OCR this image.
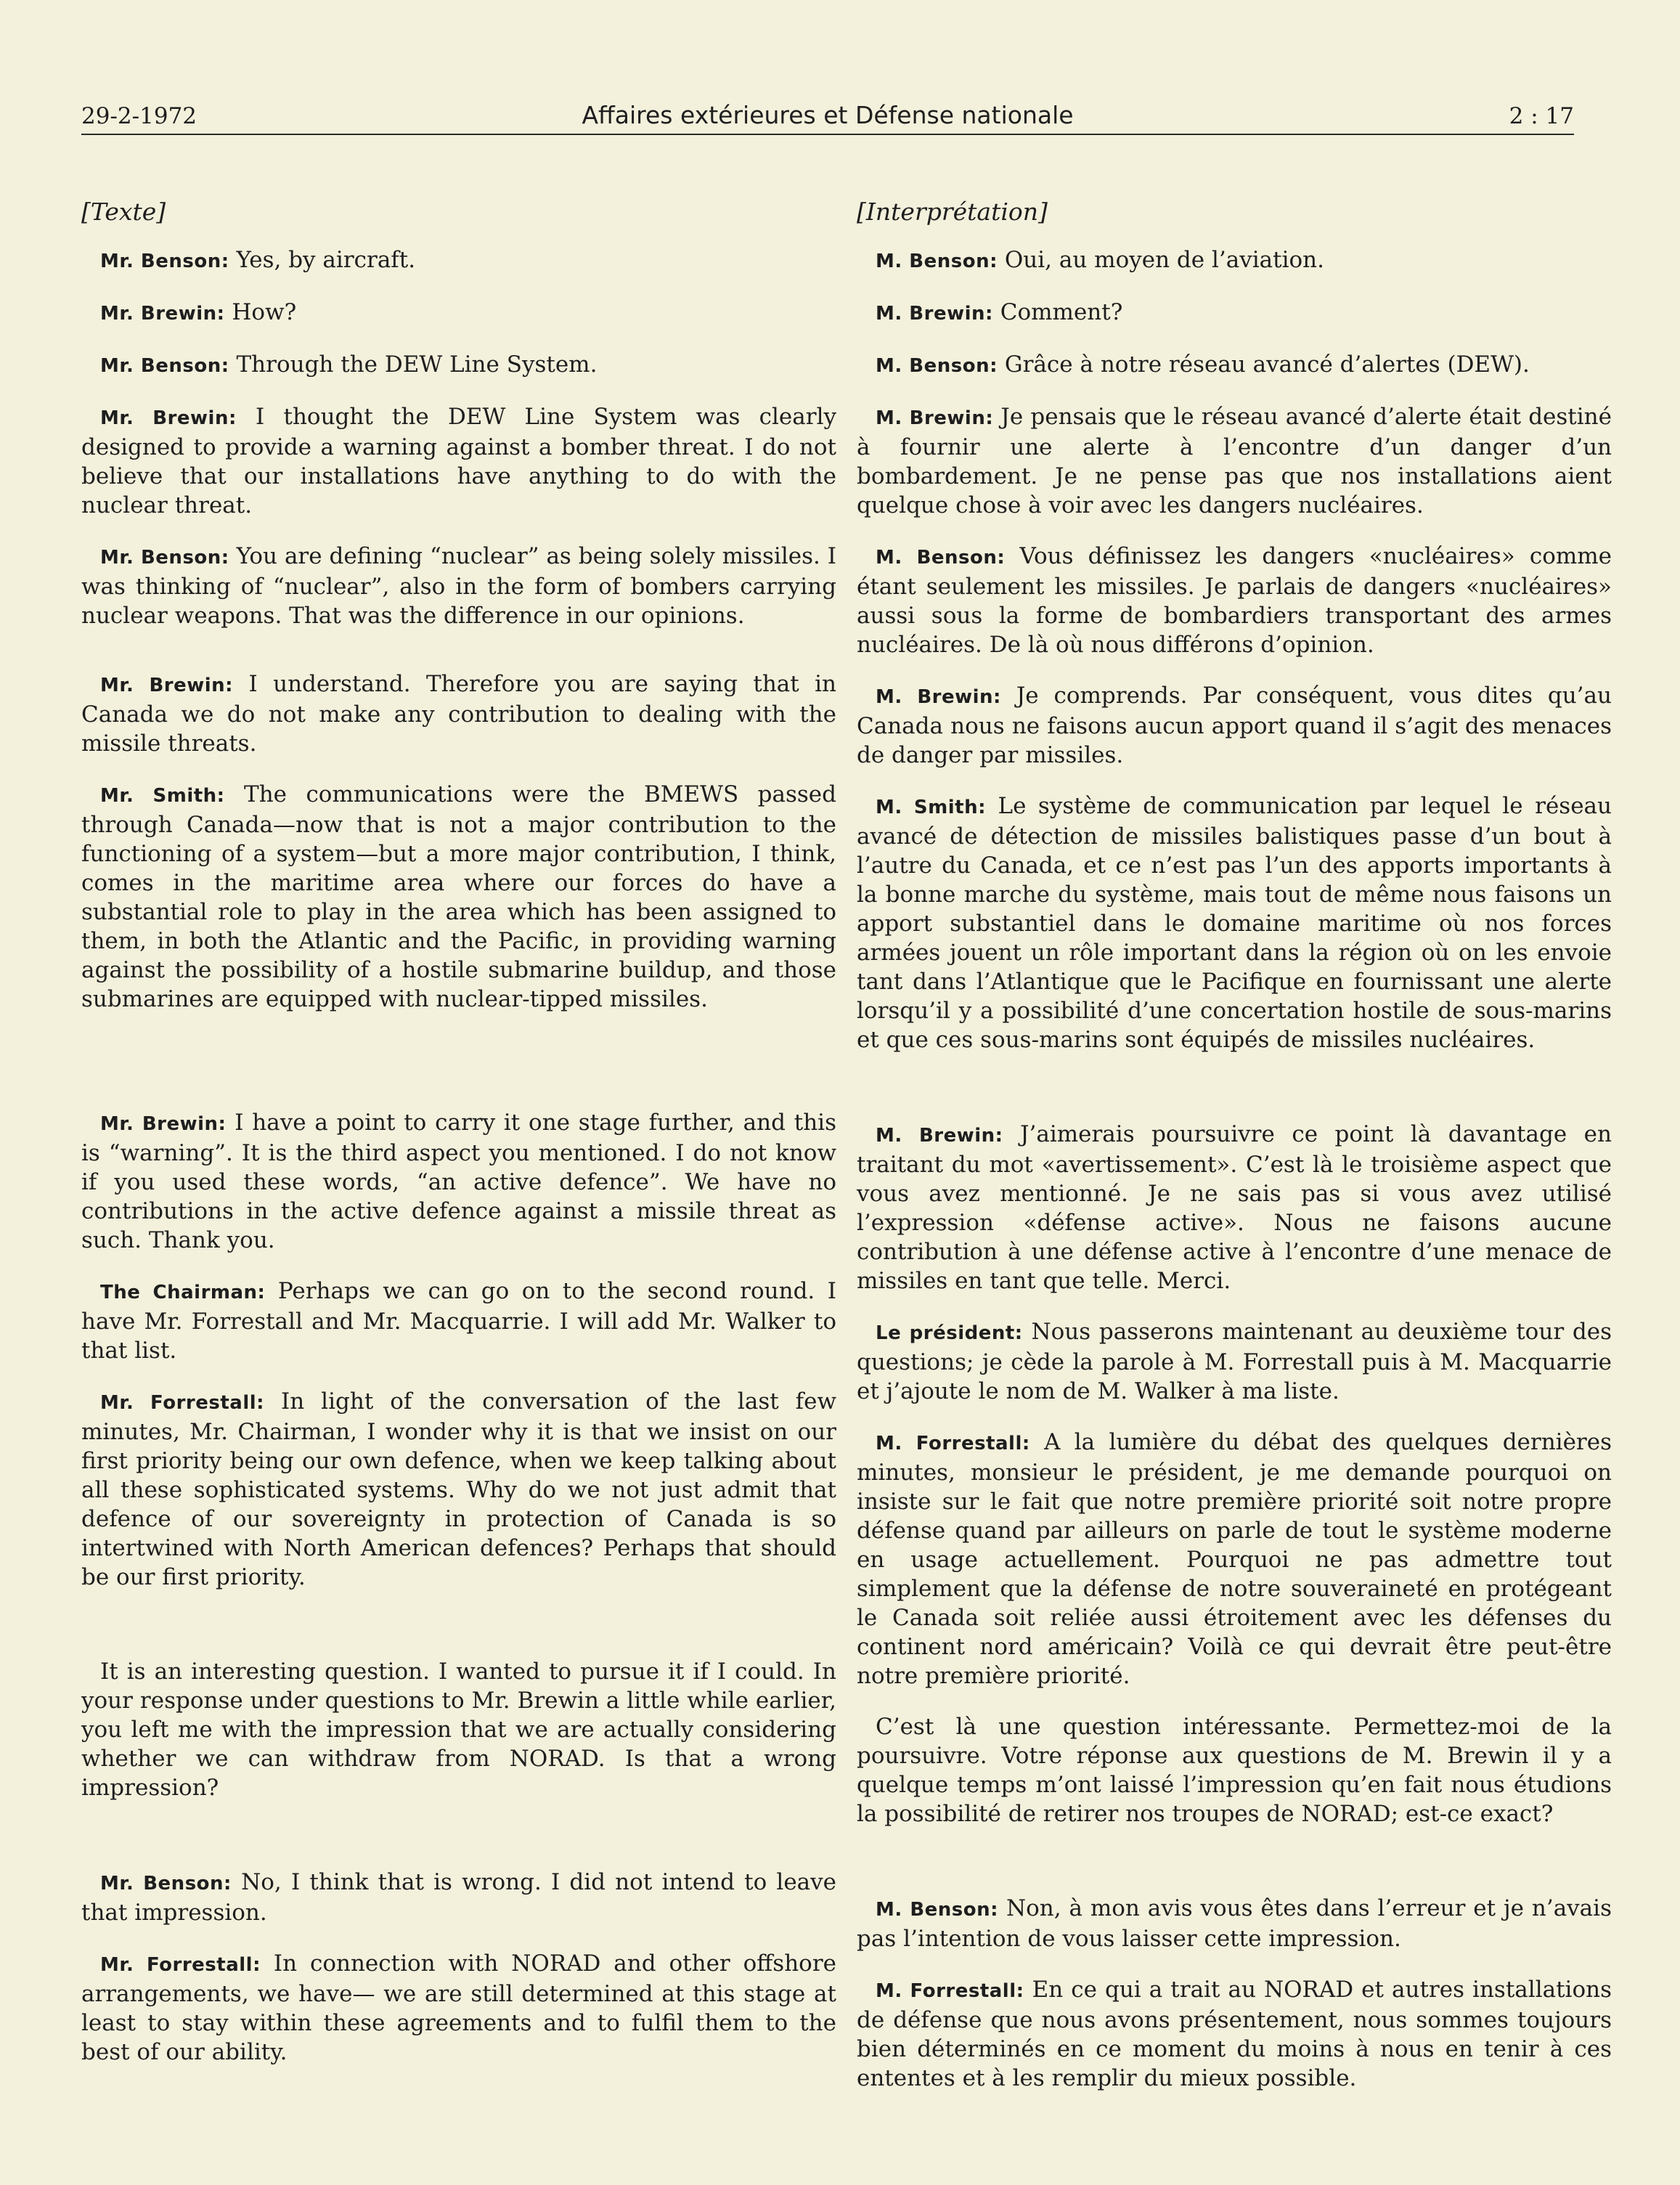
29-2-1972	Affaires extérieures et Défense nationale	2 : 17
[Texte]

Mr. Benson: Yes, by aircraft.

Mr. Brewin: How?

Mr. Benson: Through the DEW Line System.

Mr. Brewin: I thought the DEW Line System was clearly designed to provide a warning against a bomber threat. I do not believe that our installations have anything to do with the nuclear threat.

Mr. Benson: You are defining “nuclear” as being solely missiles. I was thinking of “nuclear”, also in the form of bombers carrying nuclear weapons. That was the difference in our opinions.

Mr. Brewin: I understand. Therefore you are saying that in Canada we do not make any contribution to dealing with the missile threats.

Mr. Smith: The communications were the BMEWS passed through Canada—now that is not a major contribution to the functioning of a system—but a more major contribution, I think, comes in the maritime area where our forces do have a substantial role to play in the area which has been assigned to them, in both the Atlantic and the Pacific, in providing warning against the possibility of a hostile submarine buildup, and those submarines are equipped with nuclear-tipped missiles.

Mr. Brewin: I have a point to carry it one stage further, and this is “warning”. It is the third aspect you mentioned. I do not know if you used these words, “an active defence”. We have no contributions in the active defence against a missile threat as such. Thank you.

The Chairman: Perhaps we can go on to the second round. I have Mr. Forrestall and Mr. Macquarrie. I will add Mr. Walker to that list.

Mr. Forrestall: In light of the conversation of the last few minutes, Mr. Chairman, I wonder why it is that we insist on our first priority being our own defence, when we keep talking about all these sophisticated systems. Why do we not just admit that defence of our sovereignty in protection of Canada is so intertwined with North American defences? Perhaps that should be our first priority.

It is an interesting question. I wanted to pursue it if I could. In your response under questions to Mr. Brewin a little while earlier, you left me with the impression that we are actually considering whether we can withdraw from NORAD. Is that a wrong impression?

Mr. Benson: No, I think that is wrong. I did not intend to leave that impression.

Mr. Forrestall: In connection with NORAD and other offshore arrangements, we have— we are still determined at this stage at least to stay within these agreements and to fulfil them to the best of our ability.

[Interprétation]

M. Benson: Oui, au moyen de l’aviation.

M. Brewin: Comment?

M. Benson: Grâce à notre réseau avancé d’alertes (DEW).

M. Brewin: Je pensais que le réseau avancé d’alerte était destiné à fournir une alerte à l’encontre d’un danger d’un bombardement. Je ne pense pas que nos installations aient quelque chose à voir avec les dangers nucléaires.

M. Benson: Vous définissez les dangers «nucléaires» comme étant seulement les missiles. Je parlais de dangers «nucléaires» aussi sous la forme de bombardiers transportant des armes nucléaires. De là où nous différons d’opinion.

M. Brewin: Je comprends. Par conséquent, vous dites qu’au Canada nous ne faisons aucun apport quand il s’agit des menaces de danger par missiles.

M. Smith: Le système de communication par lequel le réseau avancé de détection de missiles balistiques passe d’un bout à l’autre du Canada, et ce n’est pas l’un des apports importants à la bonne marche du système, mais tout de même nous faisons un apport substantiel dans le domaine maritime où nos forces armées jouent un rôle important dans la région où on les envoie tant dans l’Atlantique que le Pacifique en fournissant une alerte lorsqu’il y a possibilité d’une concertation hostile de sous-marins et que ces sous-marins sont équipés de missiles nucléaires.

M. Brewin: J’aimerais poursuivre ce point là davantage en traitant du mot «avertissement». C’est là le troisième aspect que vous avez mentionné. Je ne sais pas si vous avez utilisé l’expression «défense active». Nous ne faisons aucune contribution à une défense active à l’encontre d’une menace de missiles en tant que telle. Merci.

Le président: Nous passerons maintenant au deuxième tour des questions; je cède la parole à M. Forrestall puis à M. Macquarrie et j’ajoute le nom de M. Walker à ma liste.

M. Forrestall: A la lumière du débat des quelques dernières minutes, monsieur le président, je me demande pourquoi on insiste sur le fait que notre première priorité soit notre propre défense quand par ailleurs on parle de tout le système moderne en usage actuellement. Pourquoi ne pas admettre tout simplement que la défense de notre souveraineté en protégeant le Canada soit reliée aussi étroitement avec les défenses du continent nord américain? Voilà ce qui devrait être peut-être notre première priorité.

C’est là une question intéressante. Permettez-moi de la poursuivre. Votre réponse aux questions de M. Brewin il y a quelque temps m’ont laissé l’impression qu’en fait nous étudions la possibilité de retirer nos troupes de NORAD; est-ce exact?

M. Benson: Non, à mon avis vous êtes dans l’erreur et je n’avais pas l’intention de vous laisser cette impression.

M. Forrestall: En ce qui a trait au NORAD et autres installations de défense que nous avons présentement, nous sommes toujours bien déterminés en ce moment du moins à nous en tenir à ces ententes et à les remplir du mieux possible.
